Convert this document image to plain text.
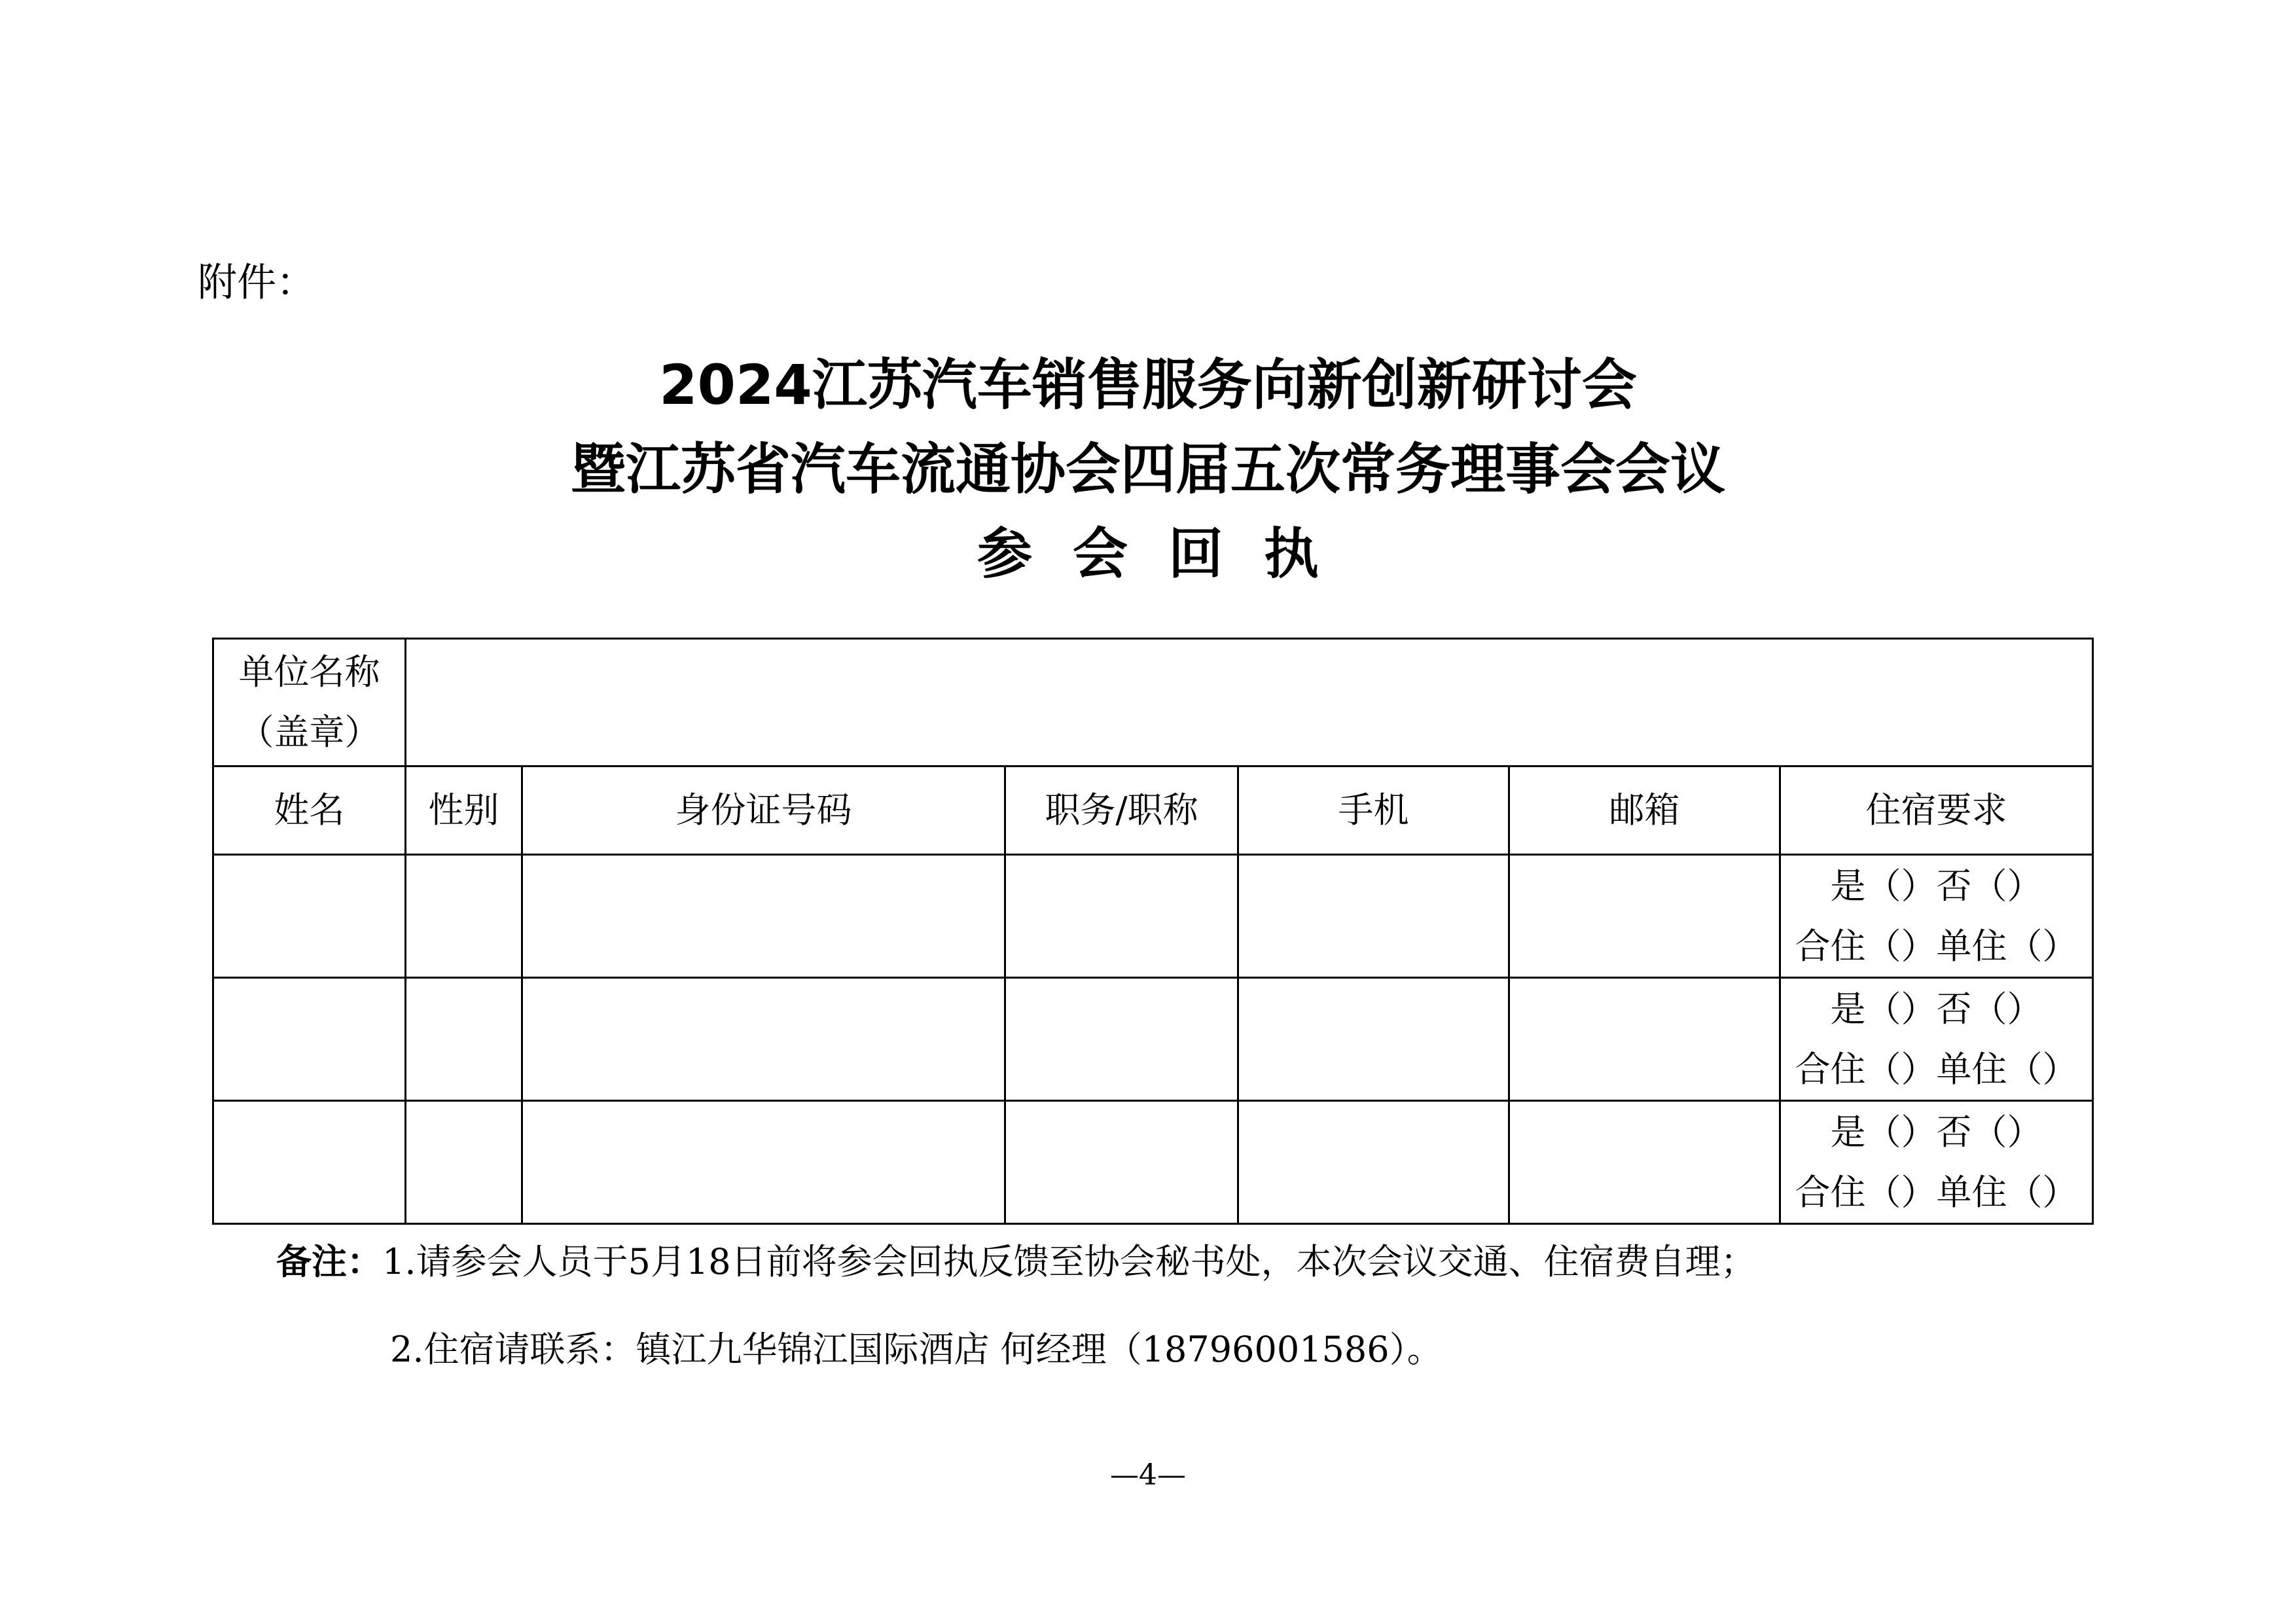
附件：
2024江苏汽车销售服务向新创新研讨会
暨江苏省汽车流通协会四届五次常务理事会会议
参会回执
单位名称
（盖章）						

姓名	性别	身份证号码	职务/职称	手机	邮箱	住宿要求

						是（）否（）
合住（）单住（）

						是（）否（）
合住（）单住（）

						是（）否（）
合住（）单住（）
备注：1.请参会人员于5月18日前将参会回执反馈至协会秘书处，本次会议交通、住宿费自理；
2.住宿请联系：镇江九华锦江国际酒店 何经理（18796001586）。
—4—
